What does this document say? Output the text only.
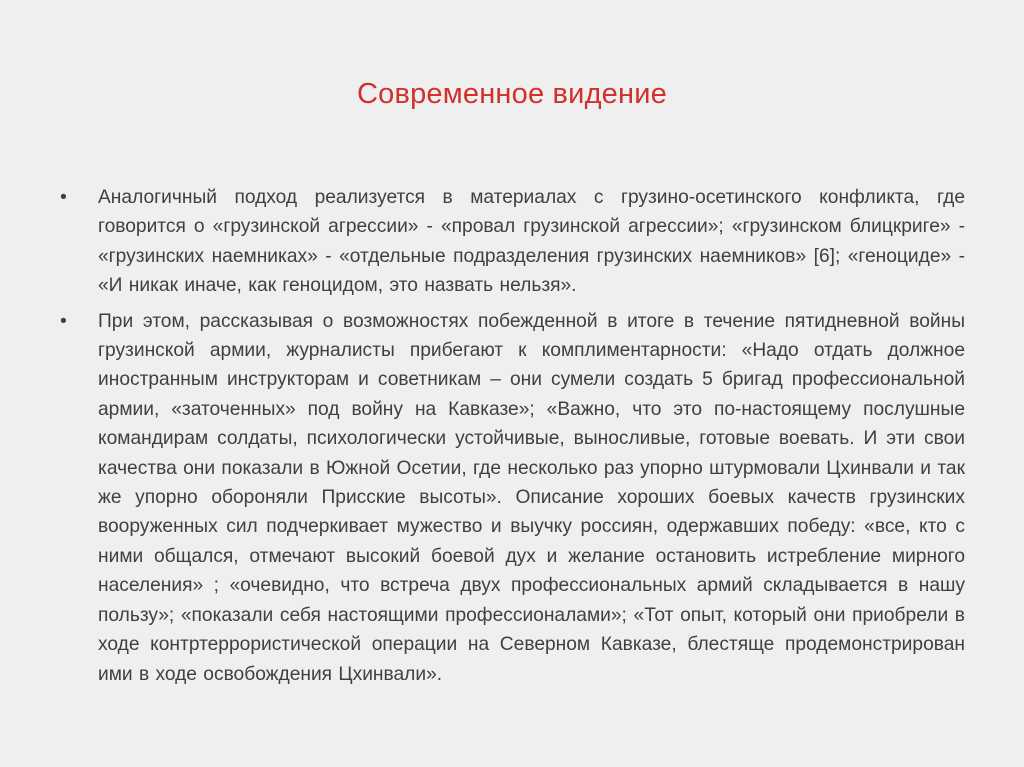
Современное видение
•	Аналогичный подход реализуется в материалах с грузино-осетинского конфликта, где говорится о «грузинской агрессии» - «провал грузинской агрессии»; «грузинском блицкриге» - «грузинских наемниках» - «отдельные подразделения грузинских наемников» [6]; «геноциде» - «И никак иначе, как геноцидом, это назвать нельзя».
•	При этом, рассказывая о возможностях побежденной в итоге в течение пятидневной войны грузинской армии, журналисты прибегают к комплиментарности: «Надо отдать должное иностранным инструкторам и советникам – они сумели создать 5 бригад профессиональной армии, «заточенных» под войну на Кавказе»; «Важно, что это по-настоящему послушные командирам солдаты, психологически устойчивые, выносливые, готовые воевать. И эти свои качества они показали в Южной Осетии, где несколько раз упорно штурмовали Цхинвали и так же упорно обороняли Присские высоты». Описание хороших боевых качеств грузинских вооруженных сил подчеркивает мужество и выучку россиян, одержавших победу: «все, кто с ними общался, отмечают высокий боевой дух и желание остановить истребление мирного населения» ; «очевидно, что встреча двух профессиональных армий складывается в нашу пользу»; «показали себя настоящими профессионалами»; «Тот опыт, который они приобрели в ходе контртеррористической операции на Северном Кавказе, блестяще продемонстрирован ими в ходе освобождения Цхинвали».
